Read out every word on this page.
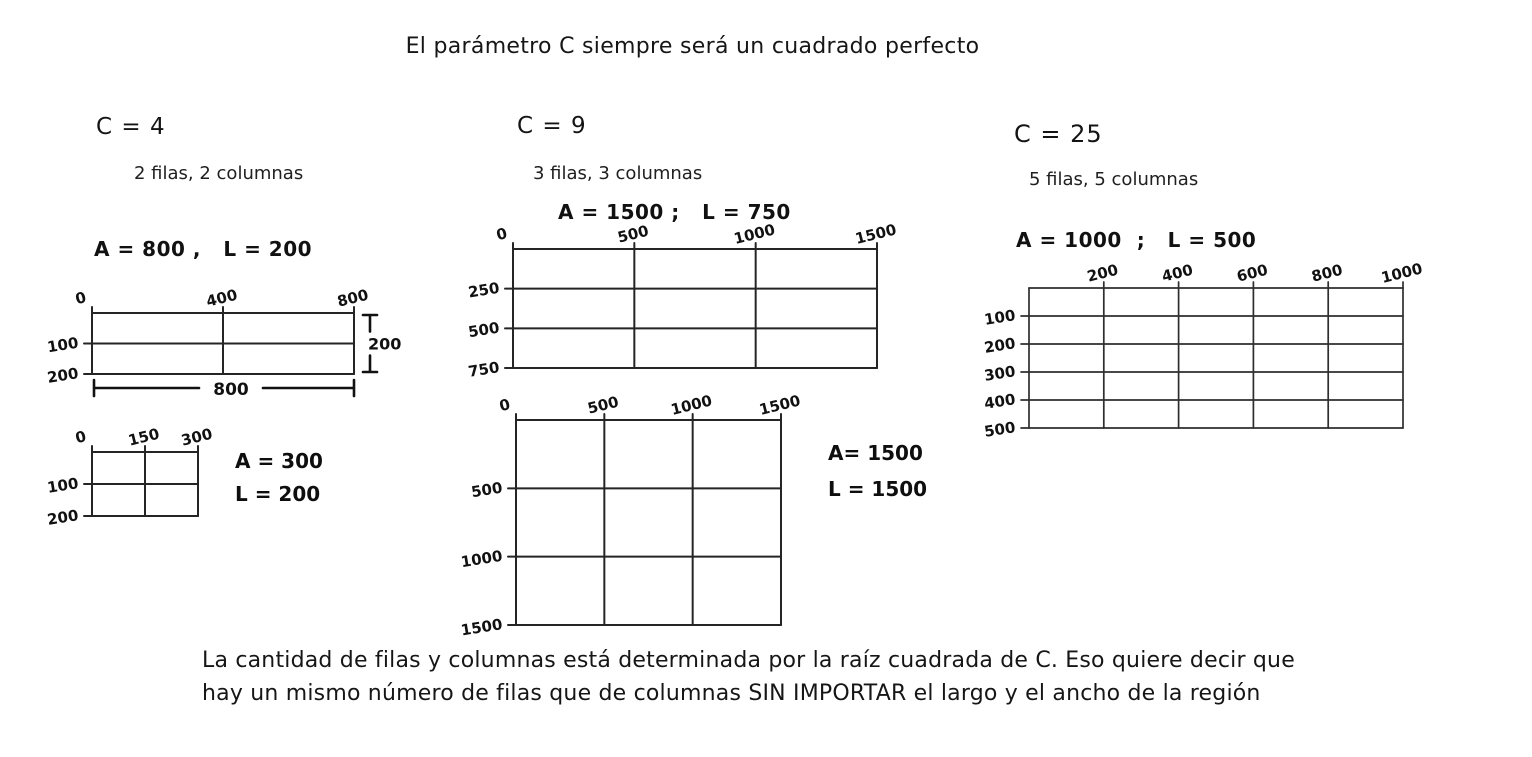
El parámetro C siempre será un cuadrado perfecto
C = 4
2 filas, 2 columnas
A = 800 ,   L = 200
C = 9
3 filas, 3 columnas
A = 1500 ;   L = 750
C = 25
5 filas, 5 columnas
A = 1000  ;   L = 500
0	400	800
100
200
200
800
0	150 300
100
200
A = 300
L = 200
0	500	1000	1500
250
500
750
0	500	1000	1500
500
1000
1500
A= 1500
L = 1500
200	400	600	800 1000
100
200
300
400
500
La cantidad de filas y columnas está determinada por la raíz cuadrada de C. Eso quiere decir que
hay un mismo número de filas que de columnas SIN IMPORTAR el largo y el ancho de la región
